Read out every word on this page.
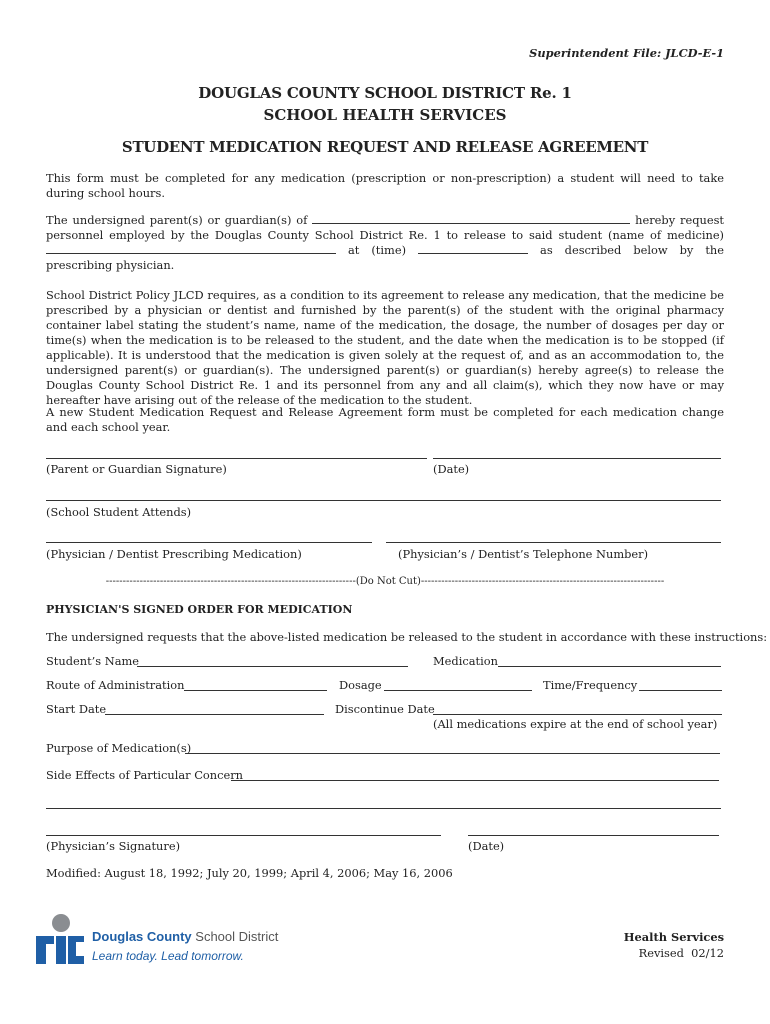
Superintendent File: JLCD-E-1
DOUGLAS COUNTY SCHOOL DISTRICT Re. 1
SCHOOL HEALTH SERVICES
STUDENT MEDICATION REQUEST AND RELEASE AGREEMENT

This form must be completed for any medication (prescription or non-prescription) a student will need to take during school hours.

The undersigned parent(s) or guardian(s) of	hereby request personnel employed by the Douglas County School District Re. 1 to release to said student (name of medicine) at (time)	as described below by the prescribing physician.

School District Policy JLCD requires, as a condition to its agreement to release any medication, that the medicine be prescribed by a physician or dentist and furnished by the parent(s) of the student with the original pharmacy container label stating the student’s name, name of the medication, the dosage, the number of dosages per day or time(s) when the medication is to be released to the student, and the date when the medication is to be stopped (if applicable). It is understood that the medication is given solely at the request of, and as an accommodation to, the undersigned parent(s) or guardian(s). The undersigned parent(s) or guardian(s) hereby agree(s) to release the Douglas County School District Re. 1 and its personnel from any and all claim(s), which they now have or may hereafter have arising out of the release of the medication to the student.

A new Student Medication Request and Release Agreement form must be completed for each medication change and each school year.

(Parent or Guardian Signature)	(Date)
(School Student Attends)
(Physician / Dentist Prescribing Medication)	(Physician’s / Dentist’s Telephone Number)
--------------------------------------------------------------------------(Do Not Cut)------------------------------------------------------------------------
PHYSICIAN'S SIGNED ORDER FOR MEDICATION
The undersigned requests that the above-listed medication be released to the student in accordance with these instructions:
Student’s Name	Medication
Route of Administration	Dosage	Time/Frequency
Start Date	Discontinue Date
(All medications expire at the end of school year)
Purpose of Medication(s)
Side Effects of Particular Concern
(Physician’s Signature)	(Date)
Modified: August 18, 1992; July 20, 1999; April 4, 2006; May 16, 2006
Douglas County School District
Learn today. Lead tomorrow.
Health Services
Revised  02/12
